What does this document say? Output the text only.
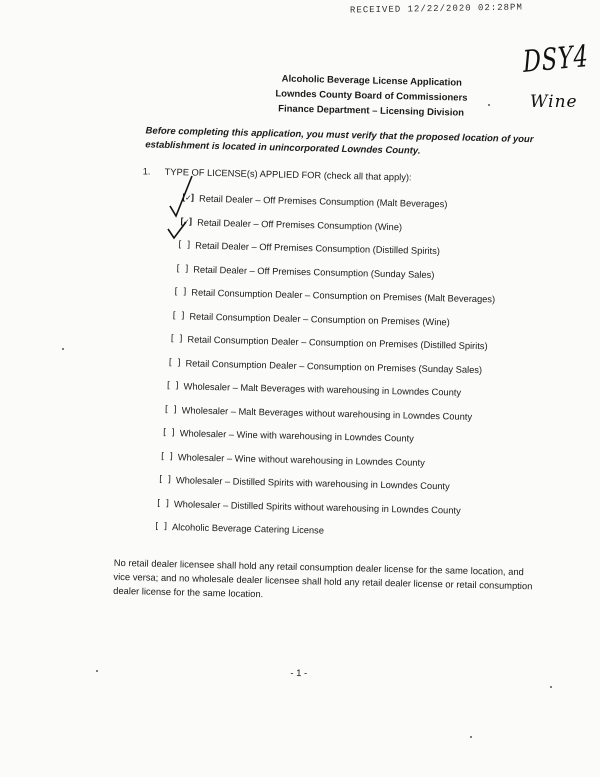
RECEIVED 12/22/2020 02:28PM
DSY4
Wine
Alcoholic Beverage License Application
Lowndes County Board of Commissioners
Finance Department – Licensing Division
Before completing this application, you must verify that the proposed location of your establishment is located in unincorporated Lowndes County.
1. TYPE OF LICENSE(s) APPLIED FOR (check all that apply):
[✓] Retail Dealer – Off Premises Consumption (Malt Beverages)
[✓] Retail Dealer – Off Premises Consumption (Wine)
[ ] Retail Dealer – Off Premises Consumption (Distilled Spirits)
[ ] Retail Dealer – Off Premises Consumption (Sunday Sales)
[ ] Retail Consumption Dealer – Consumption on Premises (Malt Beverages)
[ ] Retail Consumption Dealer – Consumption on Premises (Wine)
[ ] Retail Consumption Dealer – Consumption on Premises (Distilled Spirits)
[ ] Retail Consumption Dealer – Consumption on Premises (Sunday Sales)
[ ] Wholesaler – Malt Beverages with warehousing in Lowndes County
[ ] Wholesaler – Malt Beverages without warehousing in Lowndes County
[ ] Wholesaler – Wine with warehousing in Lowndes County
[ ] Wholesaler – Wine without warehousing in Lowndes County
[ ] Wholesaler – Distilled Spirits with warehousing in Lowndes County
[ ] Wholesaler – Distilled Spirits without warehousing in Lowndes County
[ ] Alcoholic Beverage Catering License
No retail dealer licensee shall hold any retail consumption dealer license for the same location, and vice versa; and no wholesale dealer licensee shall hold any retail dealer license or retail consumption dealer license for the same location.
- 1 -
